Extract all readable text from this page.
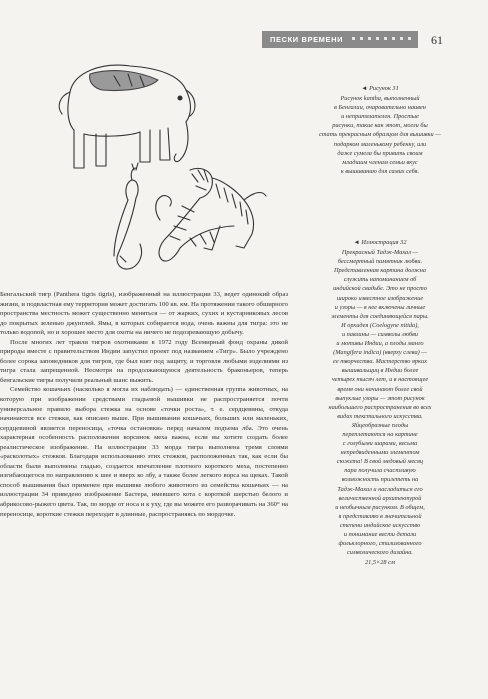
ПЕСКИ ВРЕМЕНИ	61

◄ Рисунок 31

Рисунок kantha, выполненный

в Бенгалии, очаровательно наивен

и непритязателен. Простые

рисунки, такие как этот, могли бы

стать прекрасным образцом для вышивки —

подарком маленькому ребенку, или

даже сумела бы привить своим

младшим членам семьи вкус

к вышиванию для самих себя.

◄ Иллюстрация 32

Прекрасный Тадж-Махал —

бессмертный памятник любви.

Представленная картина должна

служить напоминанием об

индийской свадьбе. Это не просто

широко известное изображение

и узоры — в нее включены личные

элементы для соединяющейся пары.

И орхидея (Coelogyne nitida),

и павлины — символы любви

и мотивы Индии, а плоды манго

(Mangifera indica) (вверху слева) —

ее творчества. Мастерство ярких

вышивальщиц в Индии более

четырех тысяч лет, и в настоящее

время они начинают более свой

выпуклые узоры — этот рисунок

наибольшего распространения во всех

видах текстильного искусства.

Яйцеобразные плоды

переплетаются на картине

с голубыми шарами, весьма

непредвиденными элементом

сюжета! В свой медовый месяц

пара получила счастливую

возможность прилететь на

Тадж-Махал и насладиться его

величественной архитектурой

и необычным рисунком. В общем,

я представляю в значительной

степени индийское искусство

и понимание вести детали

фольклорного, стилизованного

символического дизайна.

21,5×28 см

Бенгальский тигр (Panthera tigris tigris), изображенный на иллюстрации 33, ведет одинокий образ жизни, и подвластная ему территория может достигать 100 кв. км. На протяжении такого обширного пространства местность может существенно меняться — от жарких, сухих и кустарниковых лесов до покрытых зеленью джунглей. Ямы, в которых собирается вода, очень важны для тигра: это не только водопой, но и хорошее место для охоты на ничего не подозревающую добычу.

После многих лет травли тигров охотниками в 1972 году Всемирный фонд охраны дикой природы вместе с правительством Индии запустил проект под названием «Тигр». Было учреждено более сорока заповедников для тигров, где был взят под защиту, и торговля любыми изделиями из тигра стала запрещенной. Несмотря на продолжающуюся деятельность браконьеров, теперь бенгальские тигры получили реальный шанс выжить.

Семейство кошачьих (насколько я могла их наблюдать) — единственная группа животных, на которую при изображении средствами гладьевой вышивки не распространяется почти универсальное правило выбора стежка на основе «точки роста», т. е. сердцевины, откуда начинаются все стежки, как описано выше. При вышивании кошачьих, больших или маленьких, сердцевиной является переносица, «точка остановки» перед началом подъема лба. Это очень характерная особенность расположения ворсинок меха важна, если вы хотите создать более реалистическое изображение. На иллюстрации 33 морда тигра выполнена тремя слоями «расколотых» стежков. Благодаря использованию этих стежков, расположенных так, как если бы области были выполнены гладью, создается впечатление плотного короткого меха, постепенно изгибающегося по направлению к шее и вверх ко лбу, а также более легкого ворса на щеках. Такой способ вышивания был применен при вышивке любого животного из семейства кошачьих — на иллюстрации 34 приведено изображение Бастера, имевшего кота с короткой шерстью белого и абрикосово-рыжего цвета. Так, по морде от носа и к уху, где вы можете его разворачивать на 360° на переносице, короткие стежки переходят в длинные, распространяясь по мордочке.
